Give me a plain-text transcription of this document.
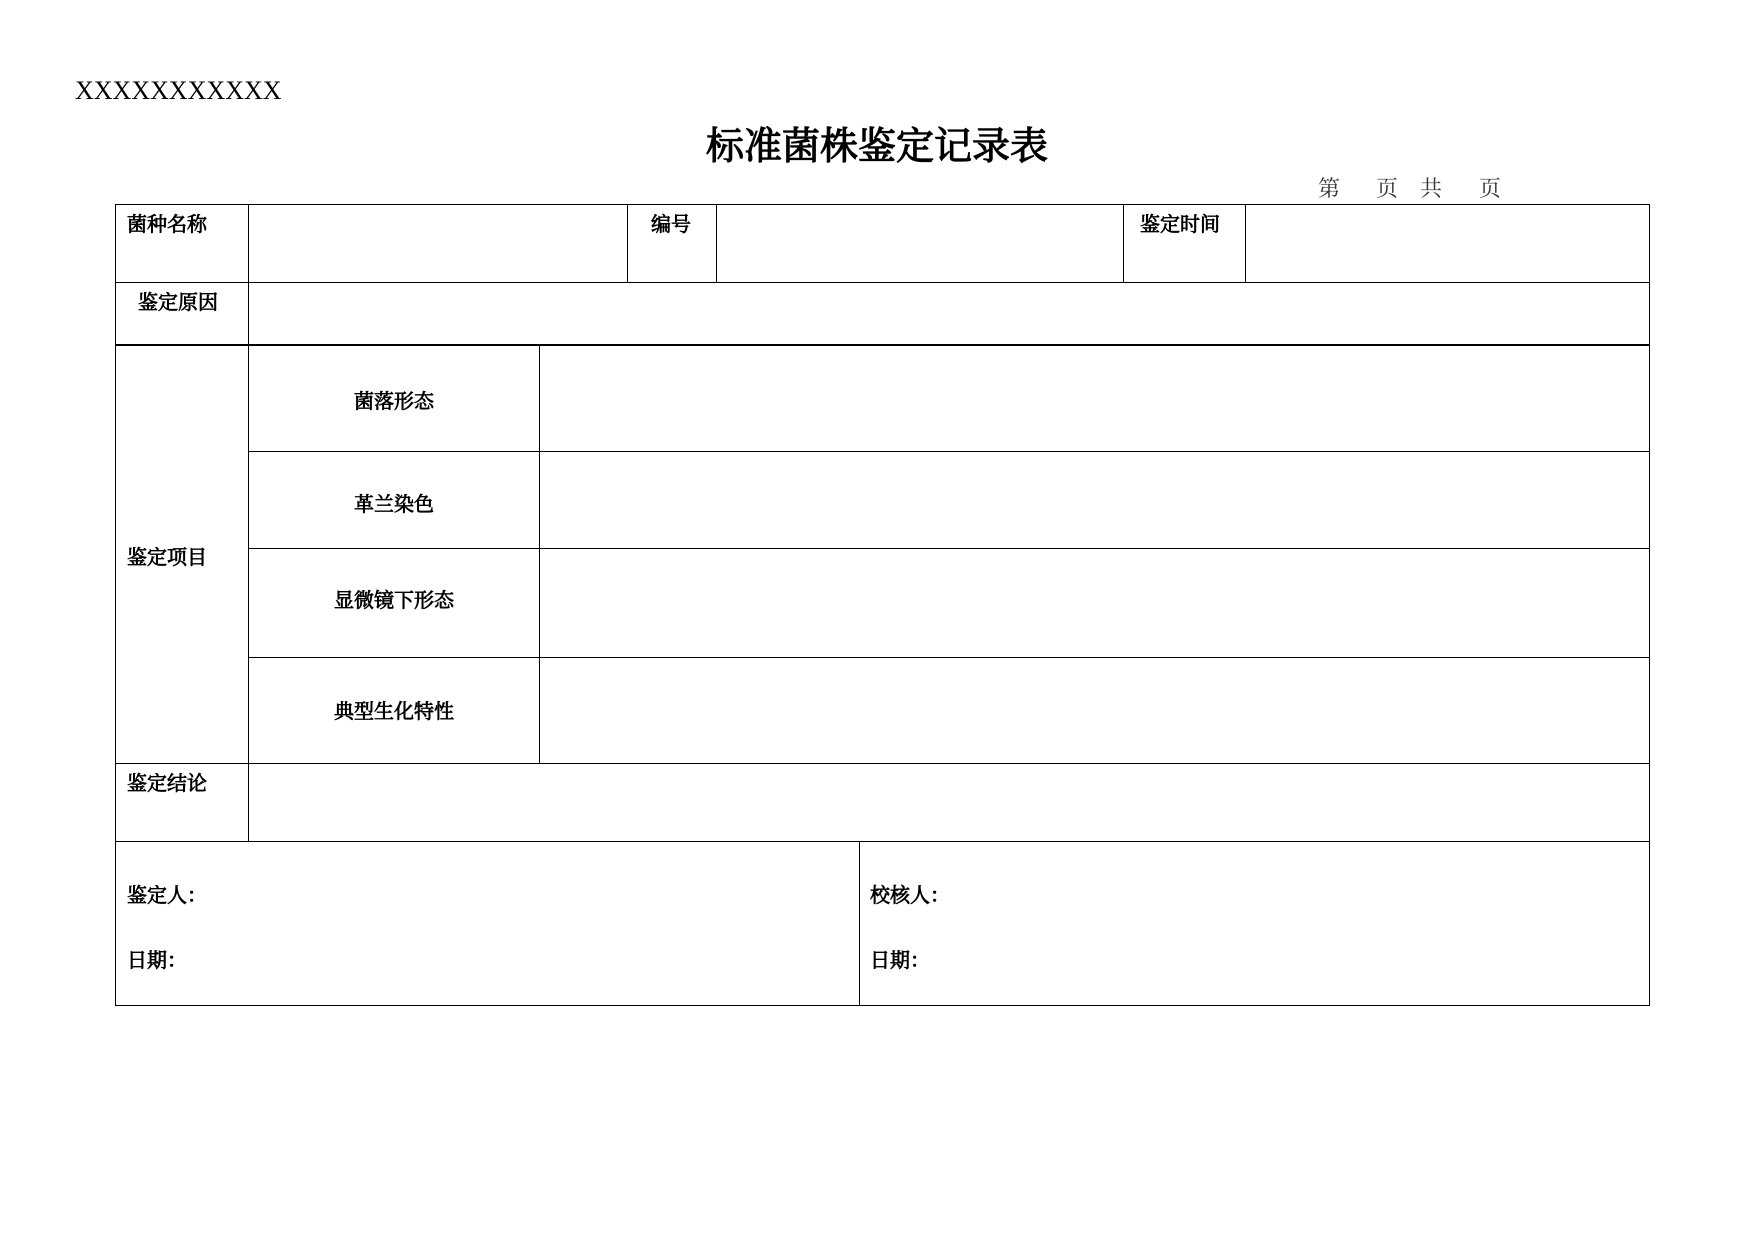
XXXXXXXXXXX
标准菌株鉴定记录表
第 页 共 页
菌种名称	编号	鉴定时间
鉴定原因
鉴定项目
菌落形态
革兰染色
显微镜下形态
典型生化特性
鉴定结论
鉴定人：
日期：
校核人：
日期：
